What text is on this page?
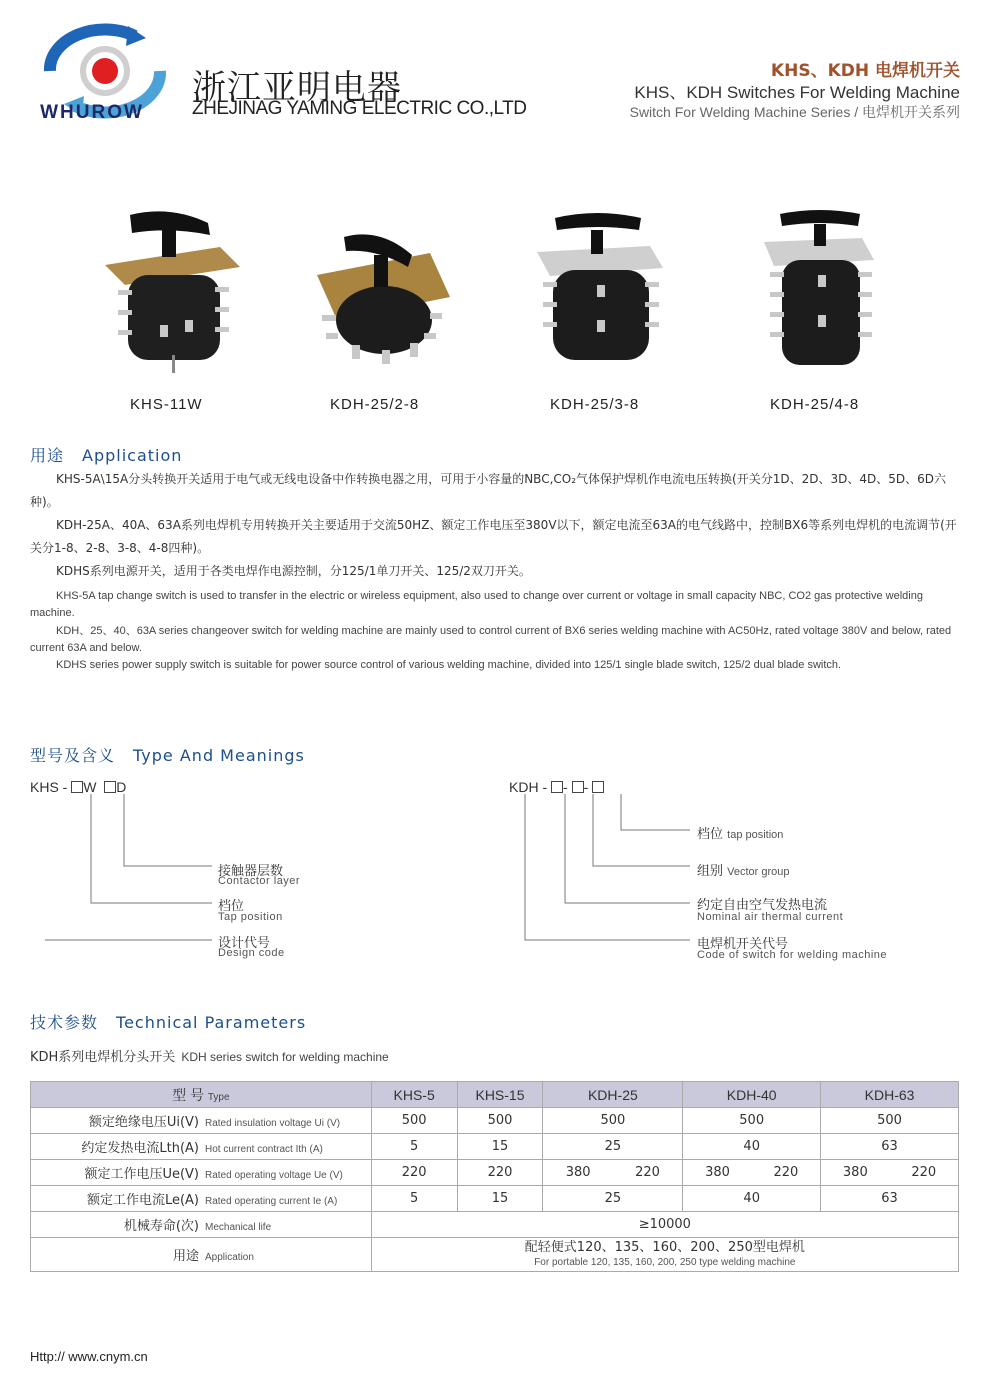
WHUROW
浙江亚明电器
ZHEJINAG YAMING ELECTRIC CO.,LTD
KHS、KDH 电焊机开关
KHS、KDH Switches For Welding Machine
Switch For Welding Machine Series / 电焊机开关系列
KHS-11W	KDH-25/2-8	KDH-25/3-8	KDH-25/4-8
用途 Application

KHS-5A\15A分头转换开关适用于电气或无线电设备中作转换电器之用，可用于小容量的NBC,CO₂气体保护焊机作电流电压转换(开关分1D、2D、3D、4D、5D、6D六种)。

KDH-25A、40A、63A系列电焊机专用转换开关主要适用于交流50HZ、额定工作电压至380V以下，额定电流至63A的电气线路中，控制BX6等系列电焊机的电流调节(开关分1-8、2-8、3-8、4-8四种)。

KDHS系列电源开关，适用于各类电焊作电源控制，分125/1单刀开关、125/2双刀开关。

KHS-5A tap change switch is used to transfer in the electric or wireless equipment, also used to change over current or voltage in small capacity NBC, CO2 gas protective welding machine.

KDH、25、40、63A series changeover switch for welding machine are mainly used to control current of BX6 series welding machine with AC50Hz, rated voltage 380V and below, rated current 63A and below.

KDHS series power supply switch is suitable for power source control of various welding machine, divided into 125/1 single blade switch, 125/2 dual blade switch.

型号及含义 Type And Meanings
KHS - W D
接触器层数
Contactor layer
档位
Tap position
设计代号
Design code
KDH - - -
档位 tap position
组别 Vector group
约定自由空气发热电流
Nominal air thermal current
电焊机开关代号
Code of switch for welding machine
技术参数 Technical Parameters
KDH系列电焊机分头开关 KDH series switch for welding machine
型 号 Type	KHS-5	KHS-15	KDH-25	KDH-40	KDH-63
额定绝缘电压Ui(V) Rated insulation voltage Ui (V)	500	500	500	500	500
约定发热电流Lth(A) Hot current contract Ith (A)	5	15	25	40	63
额定工作电压Ue(V) Rated operating voltage Ue (V)	220	220	380 220	380 220	380 220

额定工作电流Le(A) Rated operating current Ie (A)	5	15	25	40	63
机械寿命(次) Mechanical life	≥10000				
用途 Application	配轻便式120、135、160、200、250型电焊机
For portable 120, 135, 160, 200, 250 type welding machine				
Http:// www.cnym.cn
